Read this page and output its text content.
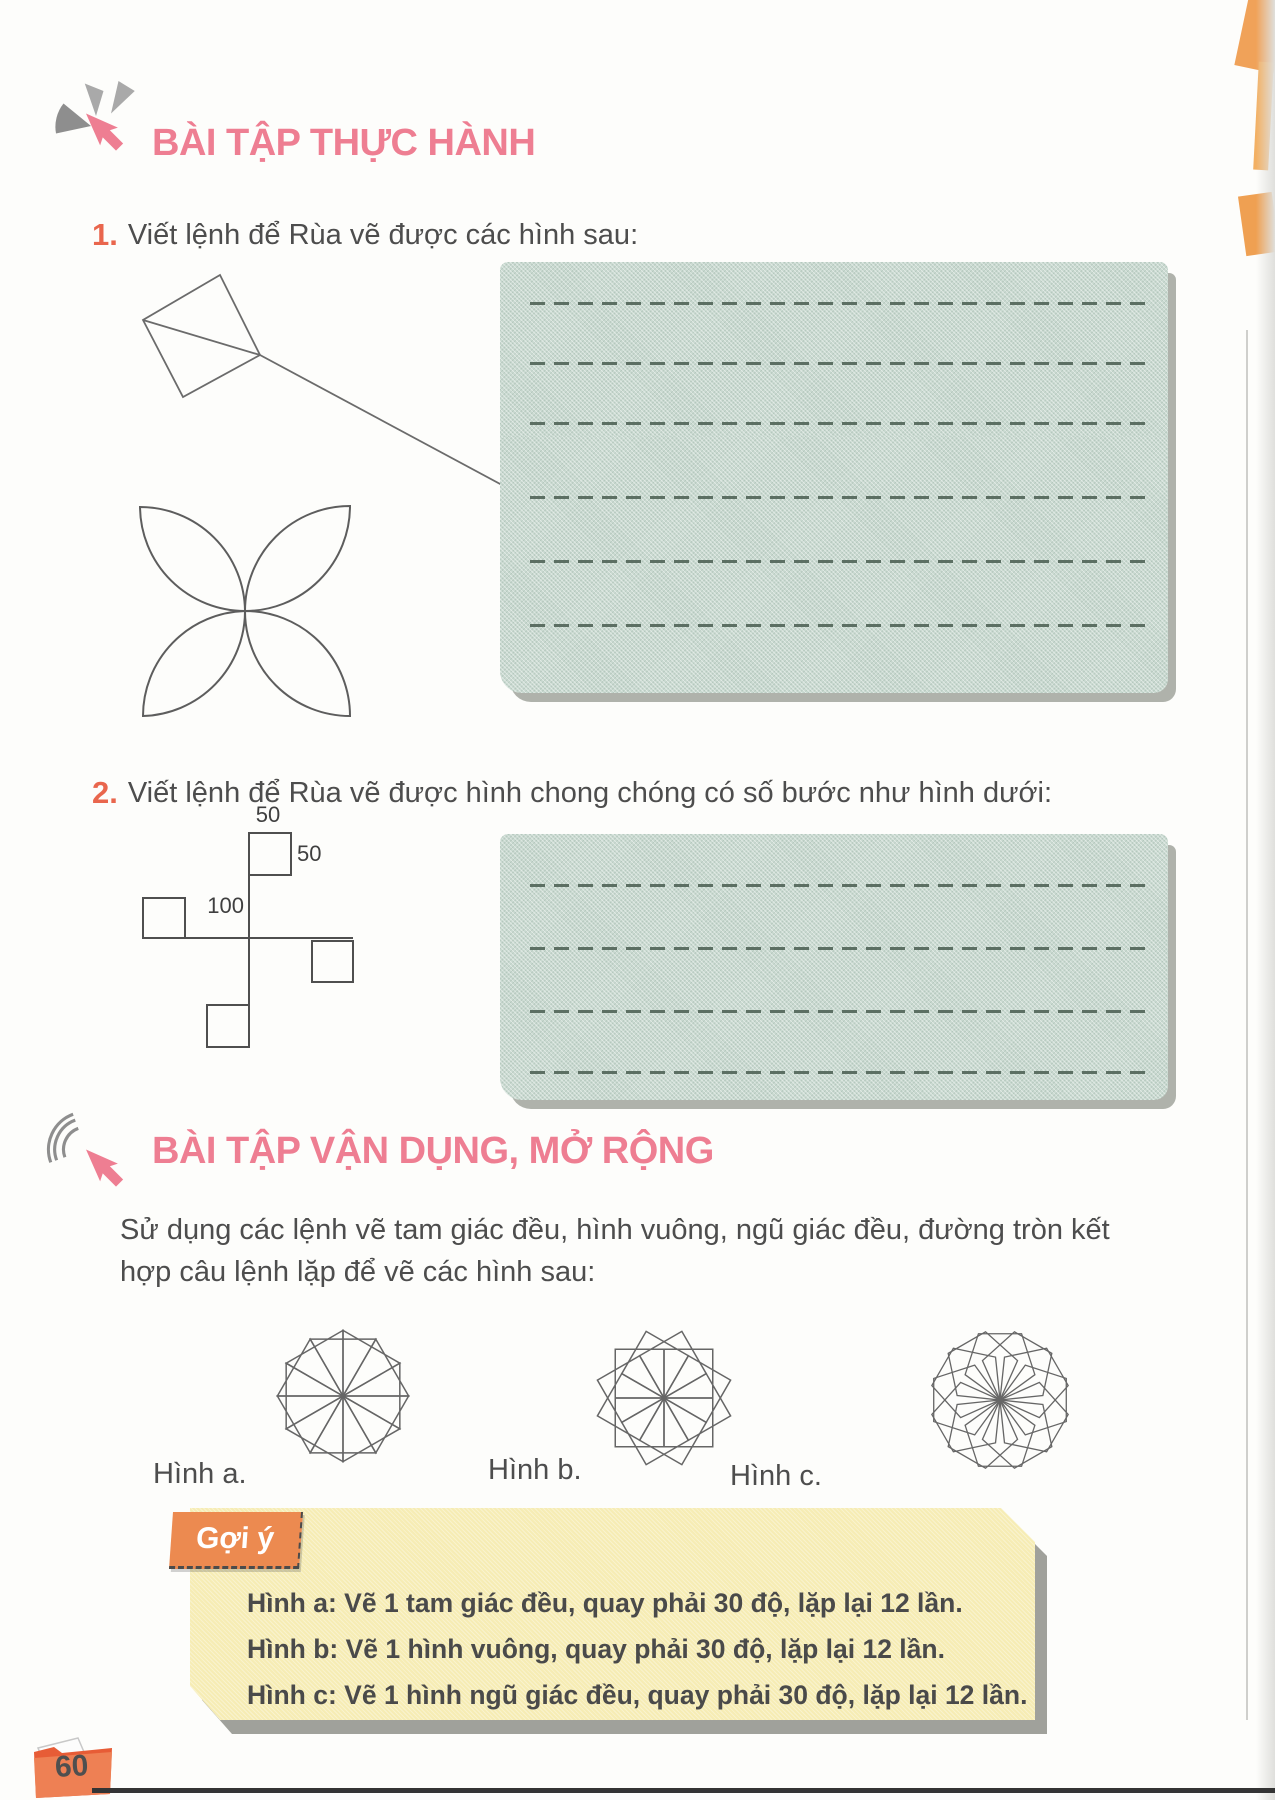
BÀI TẬP THỰC HÀNH
1. Viết lệnh để Rùa vẽ được các hình sau:
2. Viết lệnh để Rùa vẽ được hình chong chóng có số bước như hình dưới:
50
50
100
BÀI TẬP VẬN DỤNG, MỞ RỘNG
Sử dụng các lệnh vẽ tam giác đều, hình vuông, ngũ giác đều, đường tròn kết
hợp câu lệnh lặp để vẽ các hình sau:
Hình a.	Hình b.	Hình c.
Gợi ý
Hình a: Vẽ 1 tam giác đều, quay phải 30 độ, lặp lại 12 lần.
Hình b: Vẽ 1 hình vuông, quay phải 30 độ, lặp lại 12 lần.
Hình c: Vẽ 1 hình ngũ giác đều, quay phải 30 độ, lặp lại 12 lần.
60
